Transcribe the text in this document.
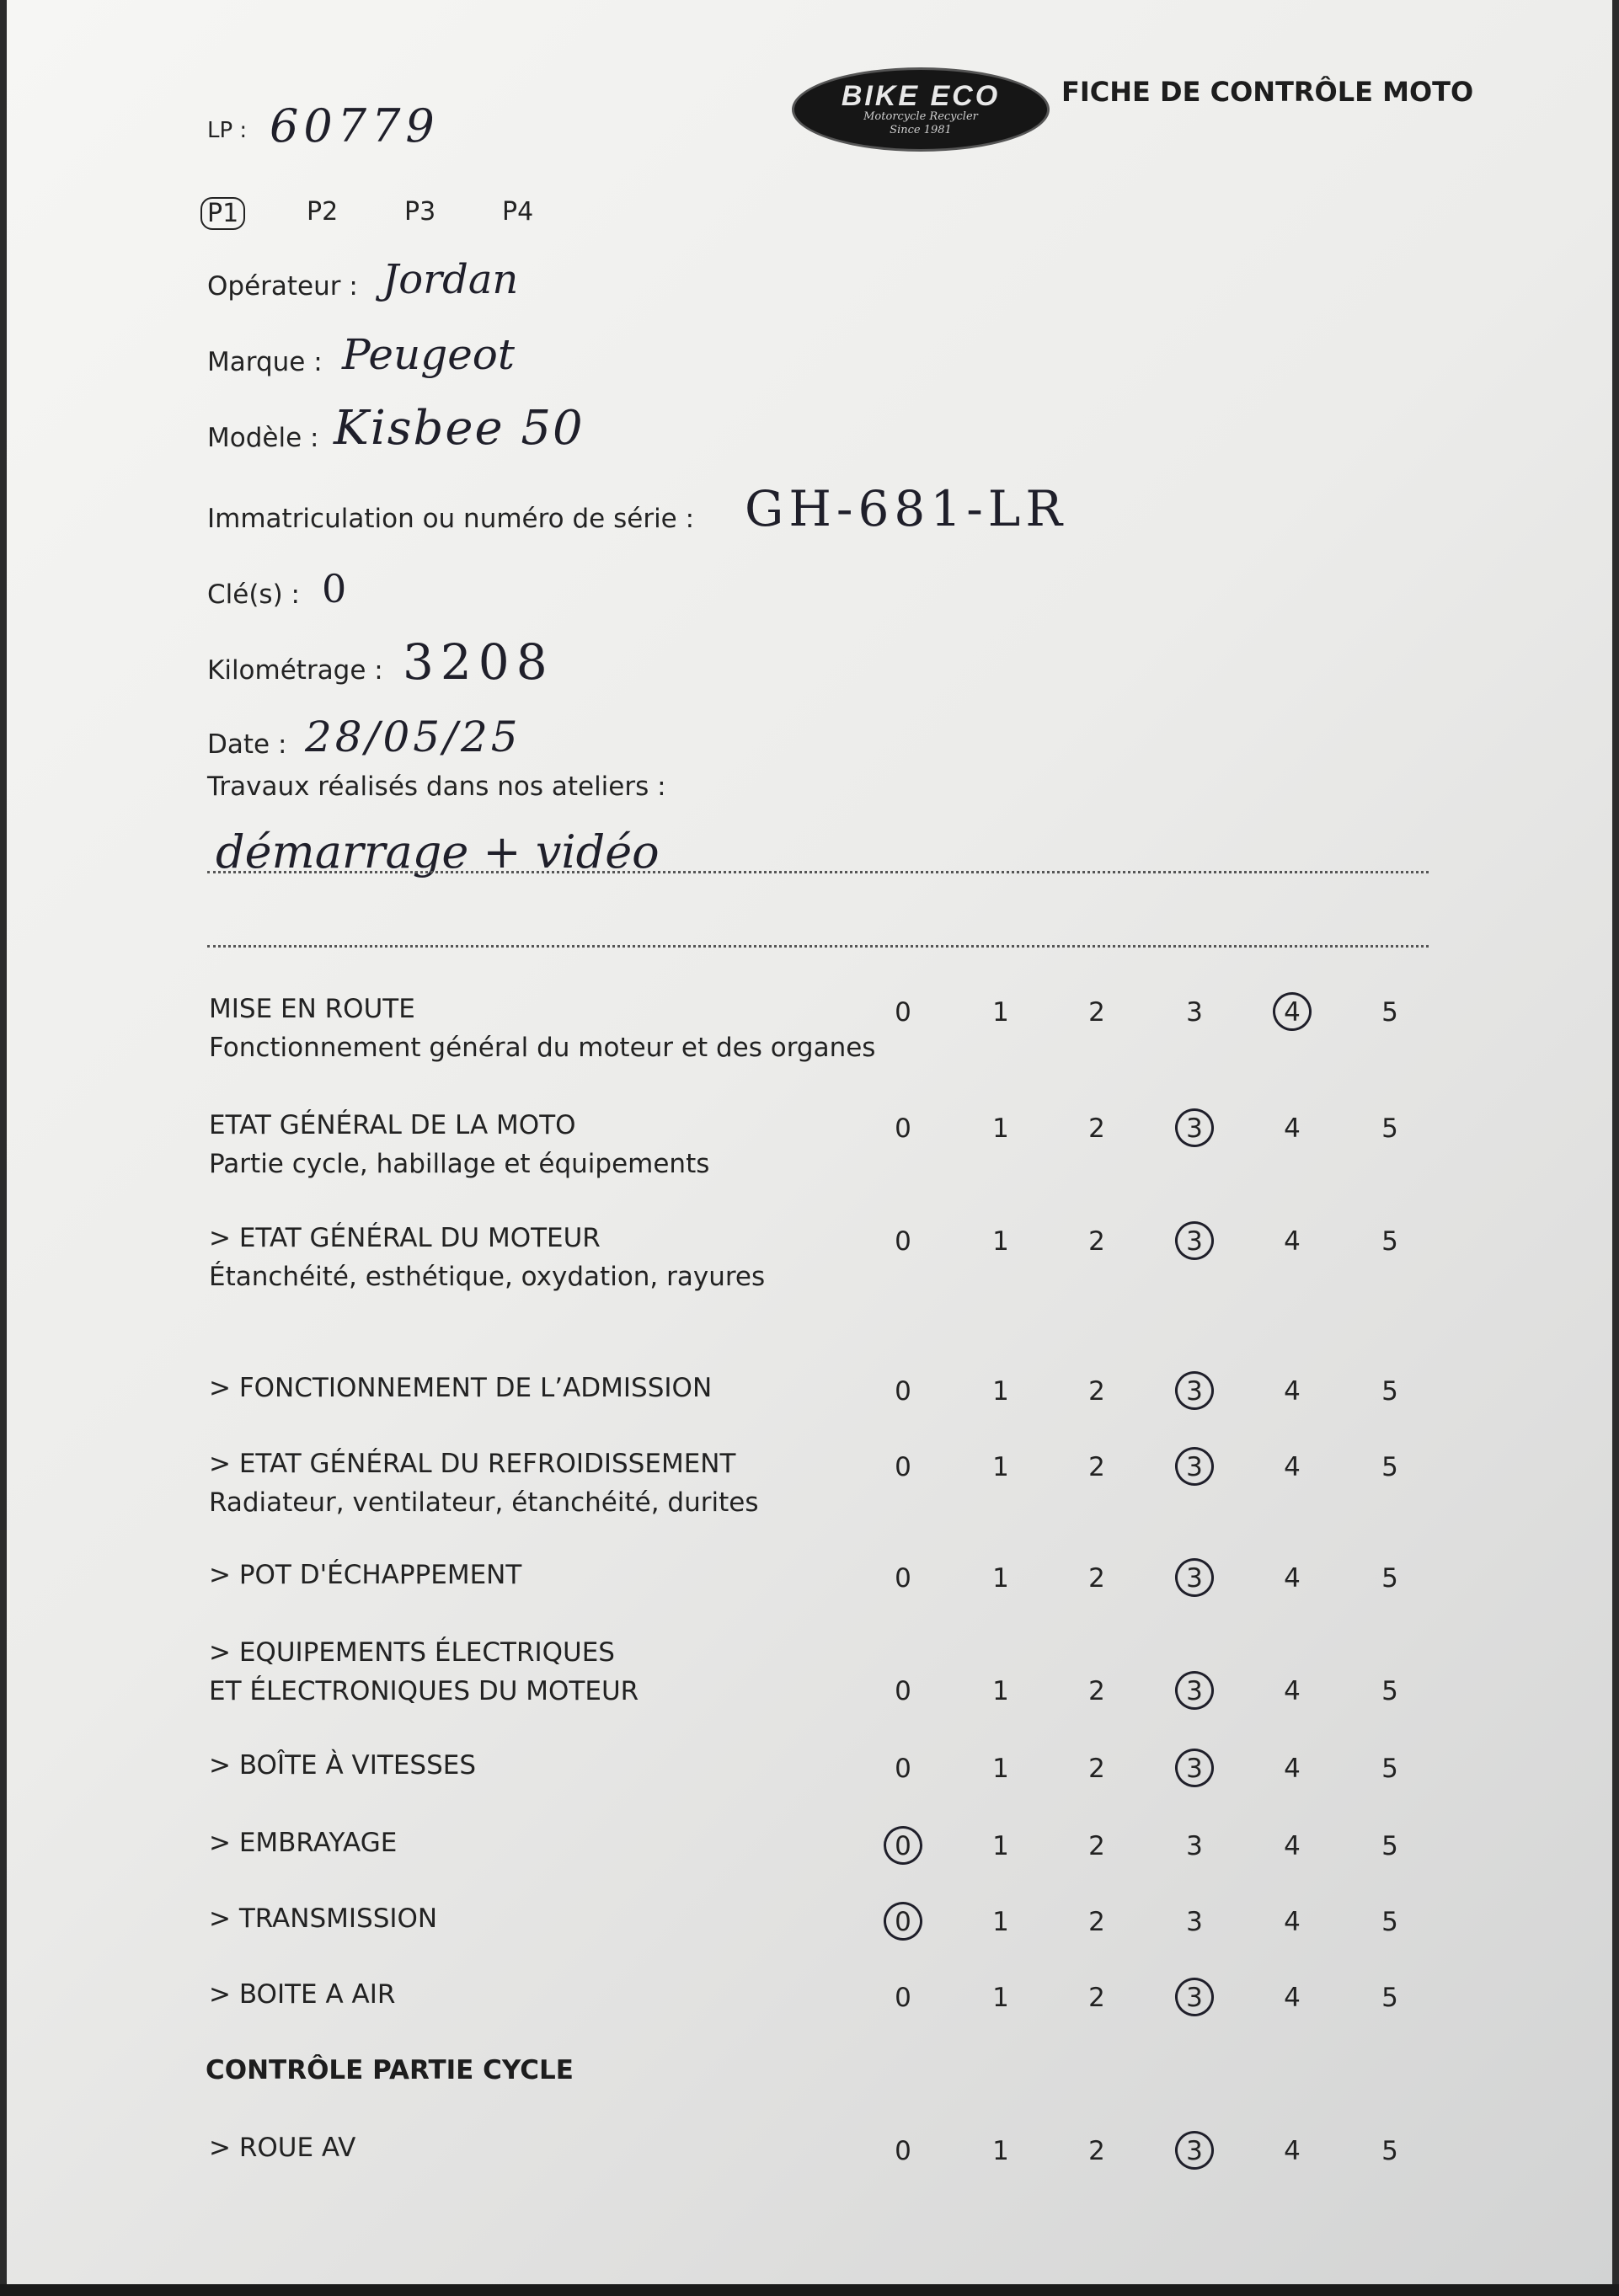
BIKE ECO
Motorcycle Recycler
Since 1981
FICHE DE CONTRÔLE MOTO
LP : 60779
P1	P2	P3	P4
Opérateur : Jordan
Marque : Peugeot
Modèle : Kisbee 50
Immatriculation ou numéro de série : GH-681-LR
Clé(s) : 0
Kilométrage : 3208
Date : 28/05/25
Travaux réalisés dans nos ateliers :
démarrage + vidéo
MISE EN ROUTE
Fonctionnement général du moteur et des organes
0	1	2	3	4	5
ETAT GÉNÉRAL DE LA MOTO
Partie cycle, habillage et équipements
0	1	2	3	4	5
> ETAT GÉNÉRAL DU MOTEUR
Étanchéité, esthétique, oxydation, rayures
0	1	2	3	4	5
> FONCTIONNEMENT DE L’ADMISSION	0	1	2	3	4	5
> ETAT GÉNÉRAL DU REFROIDISSEMENT
Radiateur, ventilateur, étanchéité, durites
0	1	2	3	4	5
> POT D'ÉCHAPPEMENT	0	1	2	3	4	5
> EQUIPEMENTS ÉLECTRIQUES
ET ÉLECTRONIQUES DU MOTEUR	0	1	2	3	4	5
> BOÎTE À VITESSES	0	1	2	3	4	5
> EMBRAYAGE	0	1	2	3	4	5
> TRANSMISSION	0	1	2	3	4	5
> BOITE A AIR	0	1	2	3	4	5
CONTRÔLE PARTIE CYCLE
> ROUE AV	0	1	2	3	4	5
